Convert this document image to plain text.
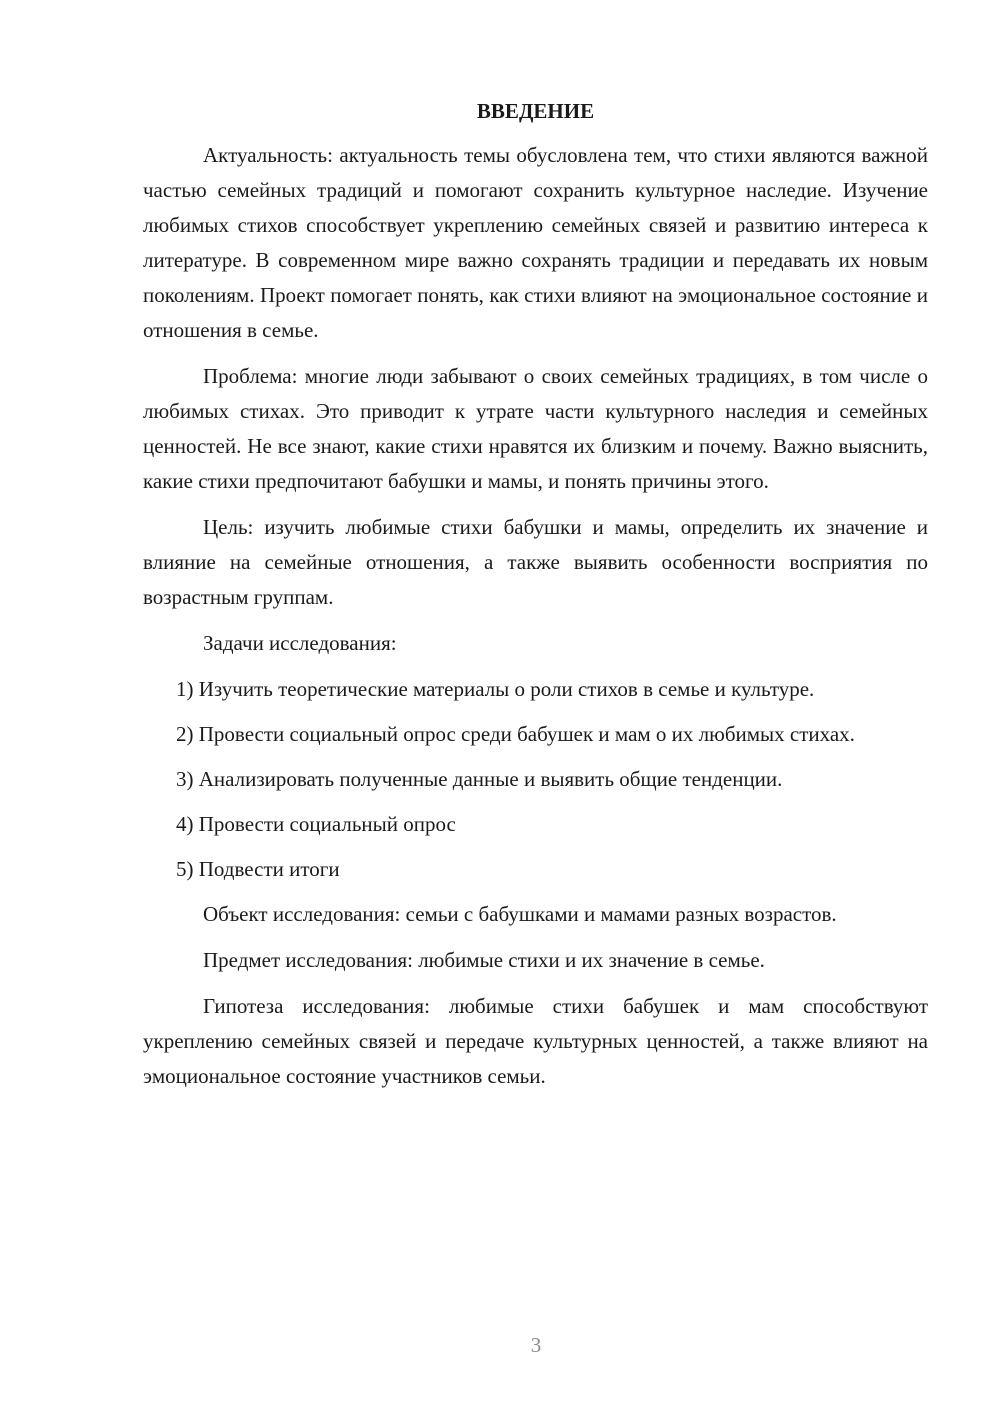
ВВЕДЕНИЕ

Актуальность: актуальность темы обусловлена тем, что стихи являются важной частью семейных традиций и помогают сохранить культурное наследие. Изучение любимых стихов способствует укреплению семейных связей и развитию интереса к литературе. В современном мире важно сохранять традиции и передавать их новым поколениям. Проект помогает понять, как стихи влияют на эмоциональное состояние и отношения в семье.

Проблема: многие люди забывают о своих семейных традициях, в том числе о любимых стихах. Это приводит к утрате части культурного наследия и семейных ценностей. Не все знают, какие стихи нравятся их близким и почему. Важно выяснить, какие стихи предпочитают бабушки и мамы, и понять причины этого.

Цель: изучить любимые стихи бабушки и мамы, определить их значение и влияние на семейные отношения, а также выявить особенности восприятия по возрастным группам.

Задачи исследования:

1) Изучить теоретические материалы о роли стихов в семье и культуре.

2) Провести социальный опрос среди бабушек и мам о их любимых стихах.

3) Анализировать полученные данные и выявить общие тенденции.

4) Провести социальный опрос

5) Подвести итоги

Объект исследования: семьи с бабушками и мамами разных возрастов.

Предмет исследования: любимые стихи и их значение в семье.

Гипотеза исследования: любимые стихи бабушек и мам способствуют укреплению семейных связей и передаче культурных ценностей, а также влияют на эмоциональное состояние участников семьи.

3
